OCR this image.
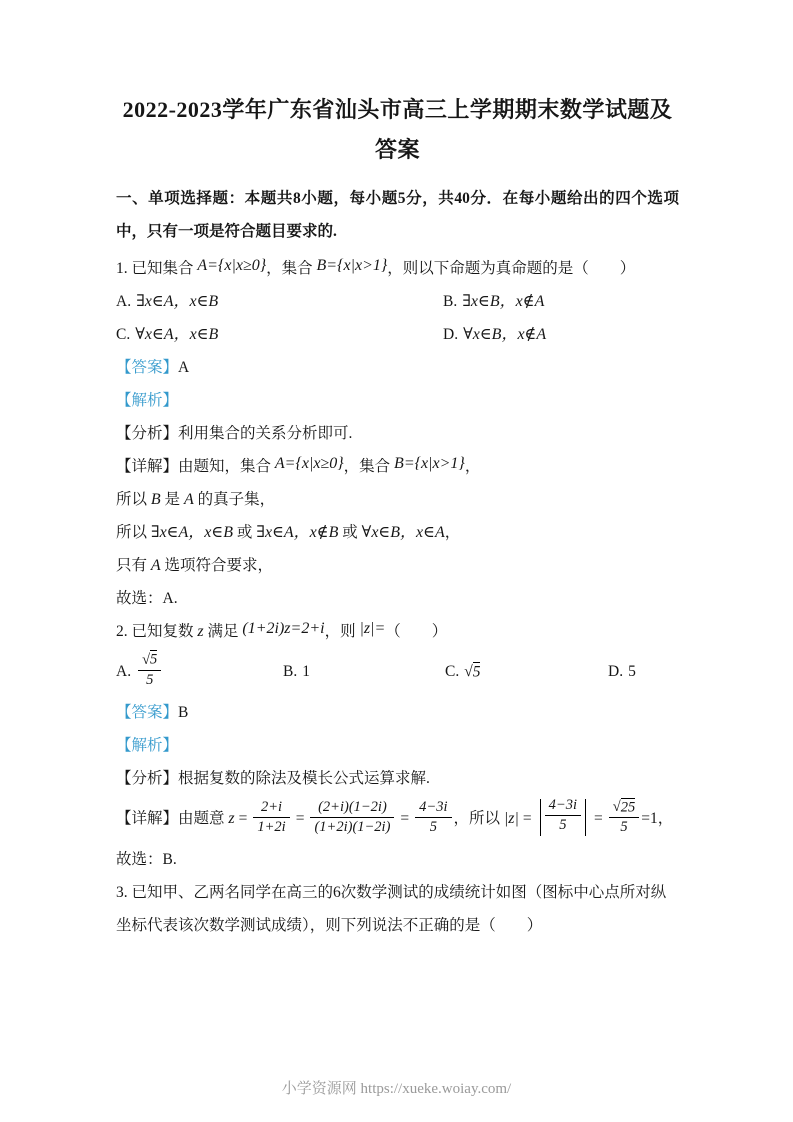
2022-2023学年广东省汕头市高三上学期期末数学试题及答案

一、单项选择题：本题共8小题，每小题5分，共40分．在每小题给出的四个选项中，只有一项是符合题目要求的.

1. 已知集合 A={x|x≥0}，集合 B={x|x>1}，则以下命题为真命题的是（　　）

A. ∃x∈A，x∈B	B. ∃x∈B，x∉A
C. ∀x∈A，x∈B	D. ∀x∈B，x∉A

【答案】A

【解析】

【分析】利用集合的关系分析即可.

【详解】由题知，集合 A={x|x≥0}，集合 B={x|x>1}，

所以 B 是 A 的真子集，

所以 ∃x∈A，x∈B 或 ∃x∈A，x∉B 或 ∀x∈B，x∈A，

只有 A 选项符合要求，

故选：A.

2. 已知复数 z 满足 (1+2i)z=2+i，则 |z|=（　　）

A. $\frac{√5}{5}$	B. 1	C. √5	D. 5

【答案】B

【解析】

【分析】根据复数的除法及模长公式运算求解.

【详解】由题意 $z = \frac{2+i}{1+2i} = \frac{(2+i)(1-2i)}{(1+2i)(1-2i)} = \frac{4-3i}{5}$ ，所以 $|z| = \frac{4-3i}{5} = \frac{√25}{5} =1$，

故选：B.

3. 已知甲、乙两名同学在高三的6次数学测试的成绩统计如图（图标中心点所对纵坐标代表该次数学测试成绩），则下列说法不正确的是（　　）

小学资源网 https://xueke.woiay.com/
